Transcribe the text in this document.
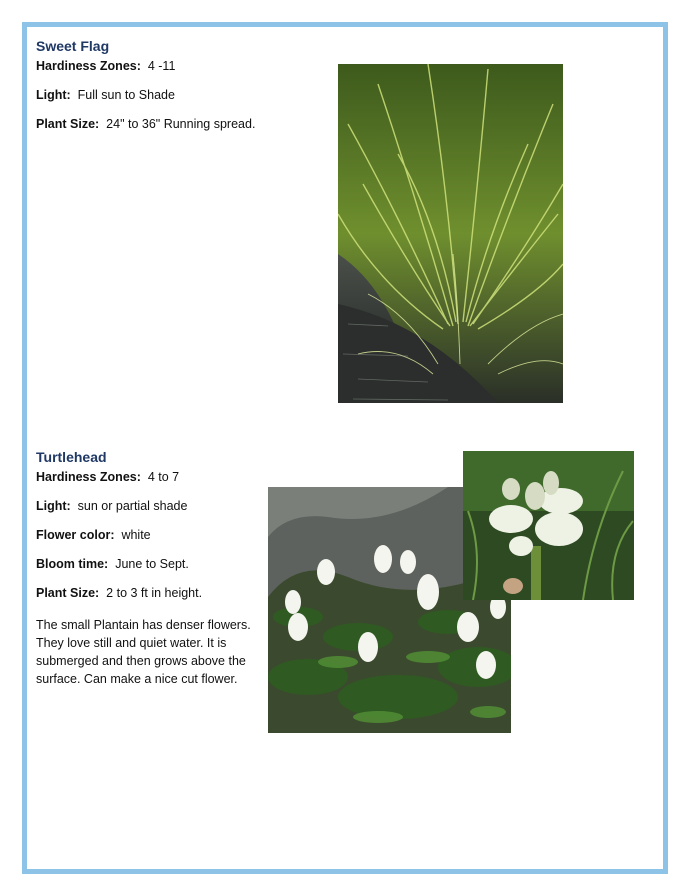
Sweet Flag
Hardiness Zones: 4 -11
Light: Full sun to Shade
Plant Size: 24" to 36" Running spread.
Turtlehead
Hardiness Zones: 4 to 7
Light: sun or partial shade
Flower color: white
Bloom time: June to Sept.
Plant Size: 2 to 3 ft in height.
The small Plantain has denser flowers. They love still and quiet water. It is submerged and then grows above the surface. Can make a nice cut flower.
